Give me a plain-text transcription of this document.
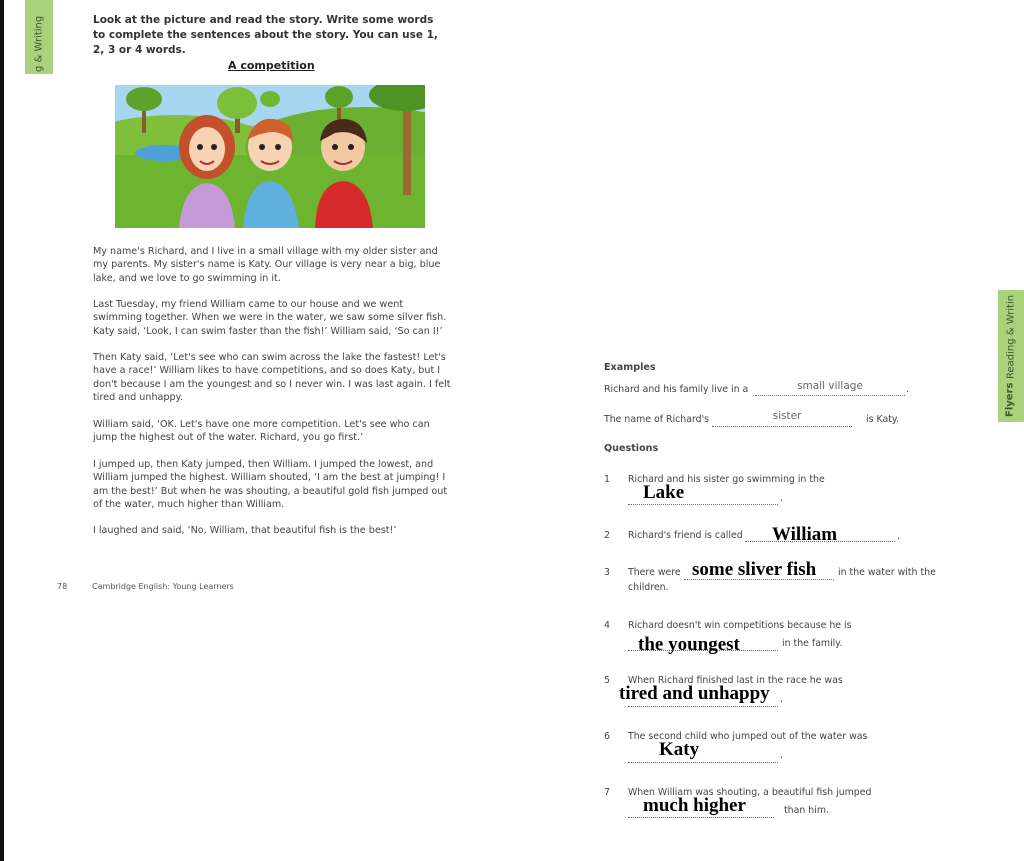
g & Writing
Flyers

Reading & Writin
Look at the picture and read the story. Write some words to complete the sentences about the story. You can use 1, 2, 3 or 4 words.
A competition
My name's Richard, and I live in a small village with my older sister and my parents. My sister's name is Katy. Our village is very near a big, blue lake, and we love to go swimming in it.
Last Tuesday, my friend William came to our house and we went swimming together. When we were in the water, we saw some silver fish. Katy said, ‘Look, I can swim faster than the fish!’ William said, ‘So can I!’
Then Katy said, ‘Let's see who can swim across the lake the fastest! Let's have a race!’ William likes to have competitions, and so does Katy, but I don't because I am the youngest and so I never win. I was last again. I felt tired and unhappy.
William said, ‘OK. Let's have one more competition. Let's see who can jump the highest out of the water. Richard, you go first.’
I jumped up, then Katy jumped, then William. I jumped the lowest, and William jumped the highest. William shouted, ‘I am the best at jumping! I am the best!’ But when he was shouting, a beautiful gold fish jumped out of the water, much higher than William.
I laughed and said, ‘No, William, that beautiful fish is the best!’
78	Cambridge English: Young Learners
Examples
Richard and his family live in a	small village	.
The name of Richard's	sister	is Katy.
Questions
1 Richard and his sister go swimming in the
.
Lake
2 Richard's friend is called	.
William
3 There were	in the water with the
children.
some sliver fish
4 Richard doesn't win competitions because he is
in the family.
the youngest
5 When Richard finished last in the race he was
.
tired and unhappy
6 The second child who jumped out of the water was
.
Katy
7 When William was shouting, a beautiful fish jumped
than him.
much higher
